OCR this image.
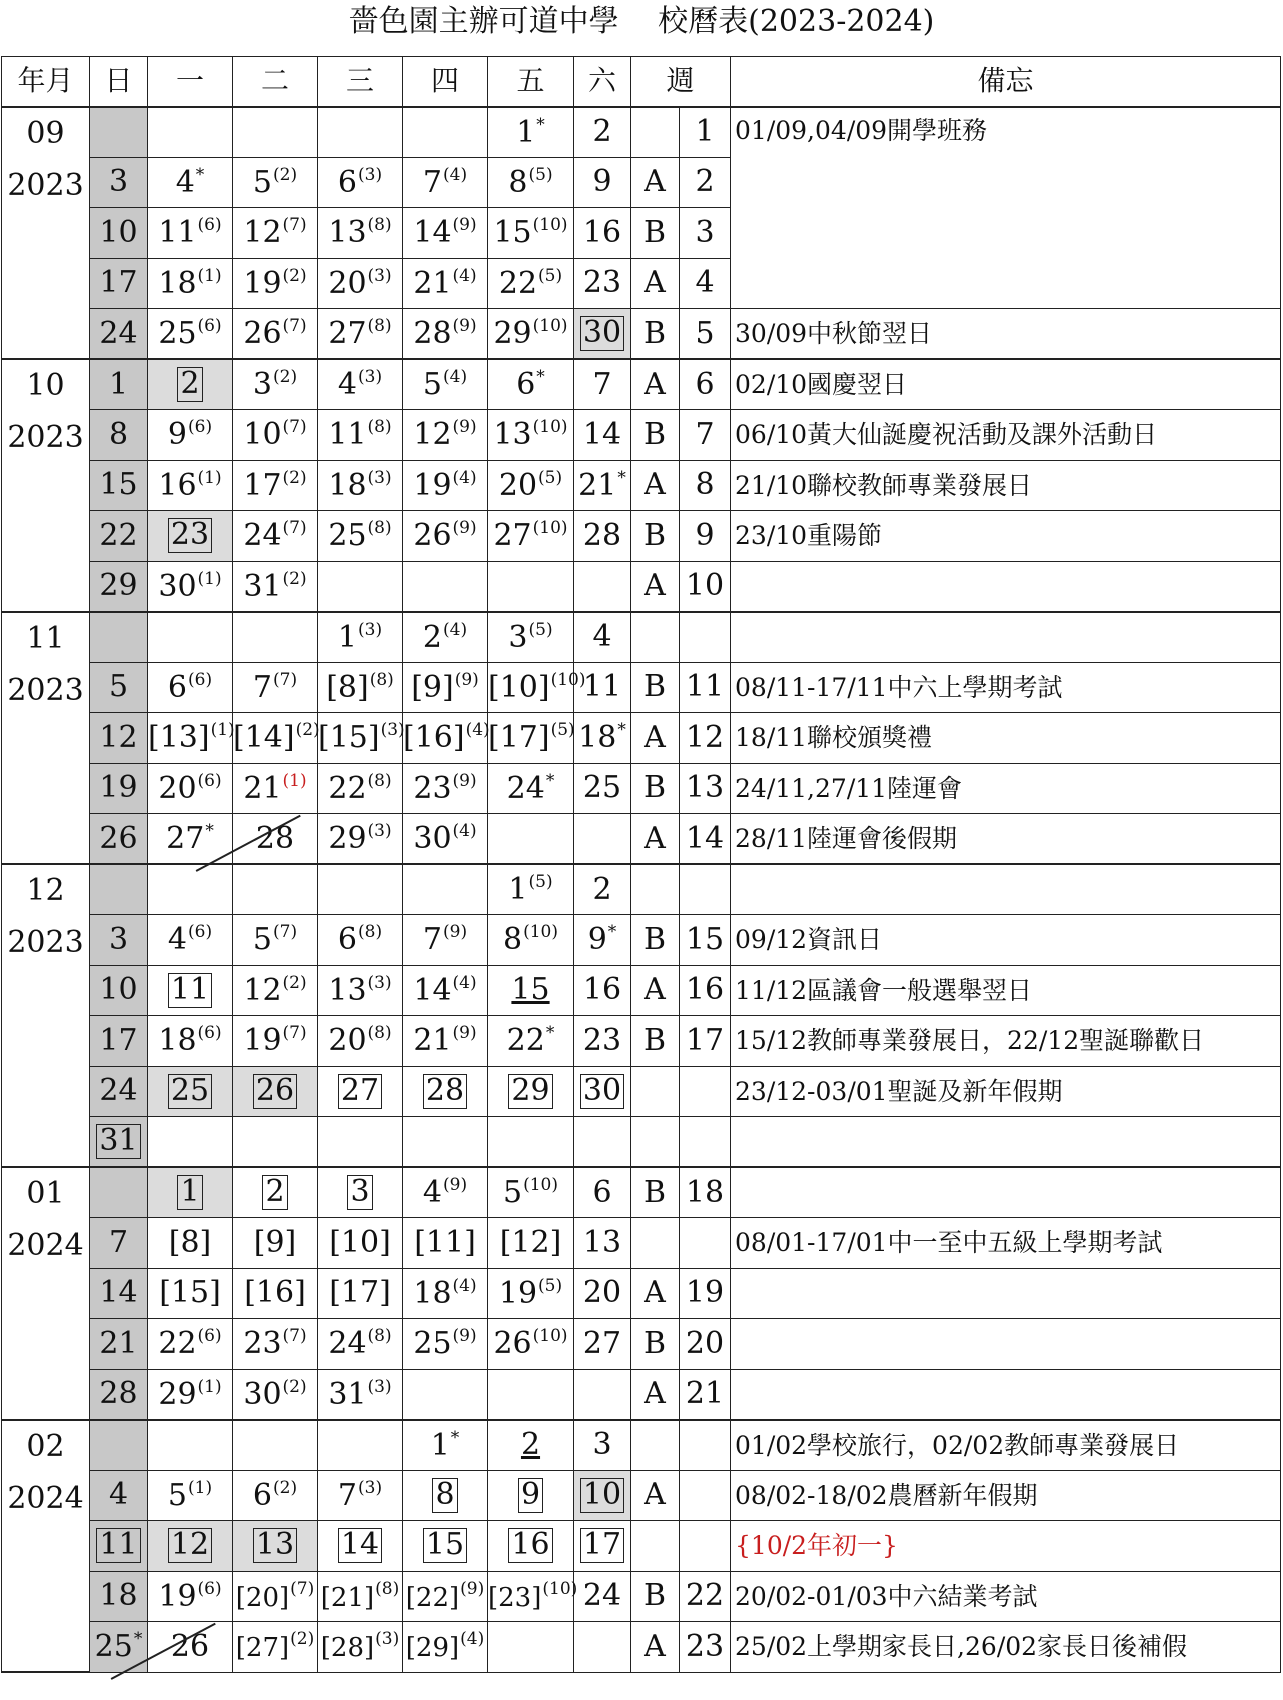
嗇色園主辦可道中學　 校曆表(2023-2024)
年月	日	一	二	三	四	五	六	週		備忘

09
2023						1*	2		1	01/09,04/09開學班務
	3	4*	5$^{(2)}$	6$^{(3)}$	7$^{(4)}$	8$^{(5)}$	9	A	2	
	10	11$^{(6)}$	12$^{(7)}$	13$^{(8)}$	14$^{(9)}$	15$^{(10)}$	16	B	3	
	17	18$^{(1)}$	19$^{(2)}$	20$^{(3)}$	21$^{(4)}$	22$^{(5)}$	23	A	4	
	24	25$^{(6)}$	26$^{(7)}$	27$^{(8)}$	28$^{(9)}$	29$^{(10)}$	30	B	5	30/09中秋節翌日

10
2023	1	2	3$^{(2)}$	4$^{(3)}$	5$^{(4)}$	6*	7	A	6	02/10國慶翌日
	8	9$^{(6)}$	10$^{(7)}$	11$^{(8)}$	12$^{(9)}$	13$^{(10)}$	14	B	7	06/10黃大仙誕慶祝活動及課外活動日
	15	16$^{(1)}$	17$^{(2)}$	18$^{(3)}$	19$^{(4)}$	20$^{(5)}$	21*	A	8	21/10聯校教師專業發展日
	22	23	24$^{(7)}$	25$^{(8)}$	26$^{(9)}$	27$^{(10)}$	28	B	9	23/10重陽節
	29	30$^{(1)}$	31$^{(2)}$					A	10	

11
2023				1$^{(3)}$	2$^{(4)}$	3$^{(5)}$	4			
	5	6$^{(6)}$	7$^{(7)}$	$[8]^{(8)}$	$[9]^{(9)}$	$[10]^{(10)}$	11	B	11	08/11-17/11中六上學期考試
	12	$[13]^{(1)}$	$[14]^{(2)}$	$[15]^{(3)}$	$[16]^{(4)}$	$[17]^{(5)}$	18*	A	12	18/11聯校頒獎禮
	19	20$^{(6)}$	21$^{(1)}$	22$^{(8)}$	23$^{(9)}$	24*	25	B	13	24/11,27/11陸運會
	26	27*	28	29$^{(3)}$	30$^{(4)}$			A	14	28/11陸運會後假期

12
2023						1$^{(5)}$	2			
	3	4$^{(6)}$	5$^{(7)}$	6$^{(8)}$	7$^{(9)}$	8$^{(10)}$	9*	B	15	09/12資訊日
	10	11	12$^{(2)}$	13$^{(3)}$	14$^{(4)}$	15	16	A	16	11/12區議會一般選舉翌日
	17	18$^{(6)}$	19$^{(7)}$	20$^{(8)}$	21$^{(9)}$	22*	23	B	17	15/12教師專業發展日，22/12聖誕聯歡日
	24	25	26	27	28	29	30			23/12-03/01聖誕及新年假期
	31									

01
2024		1	2	3	4$^{(9)}$	5$^{(10)}$	6	B	18	
	7	[8]	[9]	[10]	[11]	[12]	13			08/01-17/01中一至中五級上學期考試
	14	[15]	[16]	[17]	18$^{(4)}$	19$^{(5)}$	20	A	19	
	21	22$^{(6)}$	23$^{(7)}$	24$^{(8)}$	25$^{(9)}$	26$^{(10)}$	27	B	20	
	28	29$^{(1)}$	30$^{(2)}$	31$^{(3)}$				A	21	

02
2024					1*	2	3			01/02學校旅行，02/02教師專業發展日
	4	5$^{(1)}$	6$^{(2)}$	7$^{(3)}$	8	9	10	A		08/02-18/02農曆新年假期
	11	12	13	14	15	16	17			{10/2年初一}
	18	19$^{(6)}$	$[20]^{(7)}$	$[21]^{(8)}$	$[22]^{(9)}$	$[23]^{(10)}$	24	B	22	20/02-01/03中六結業考試
	25*	26	$[27]^{(2)}$	$[28]^{(3)}$	$[29]^{(4)}$			A	23	25/02上學期家長日,26/02家長日後補假
